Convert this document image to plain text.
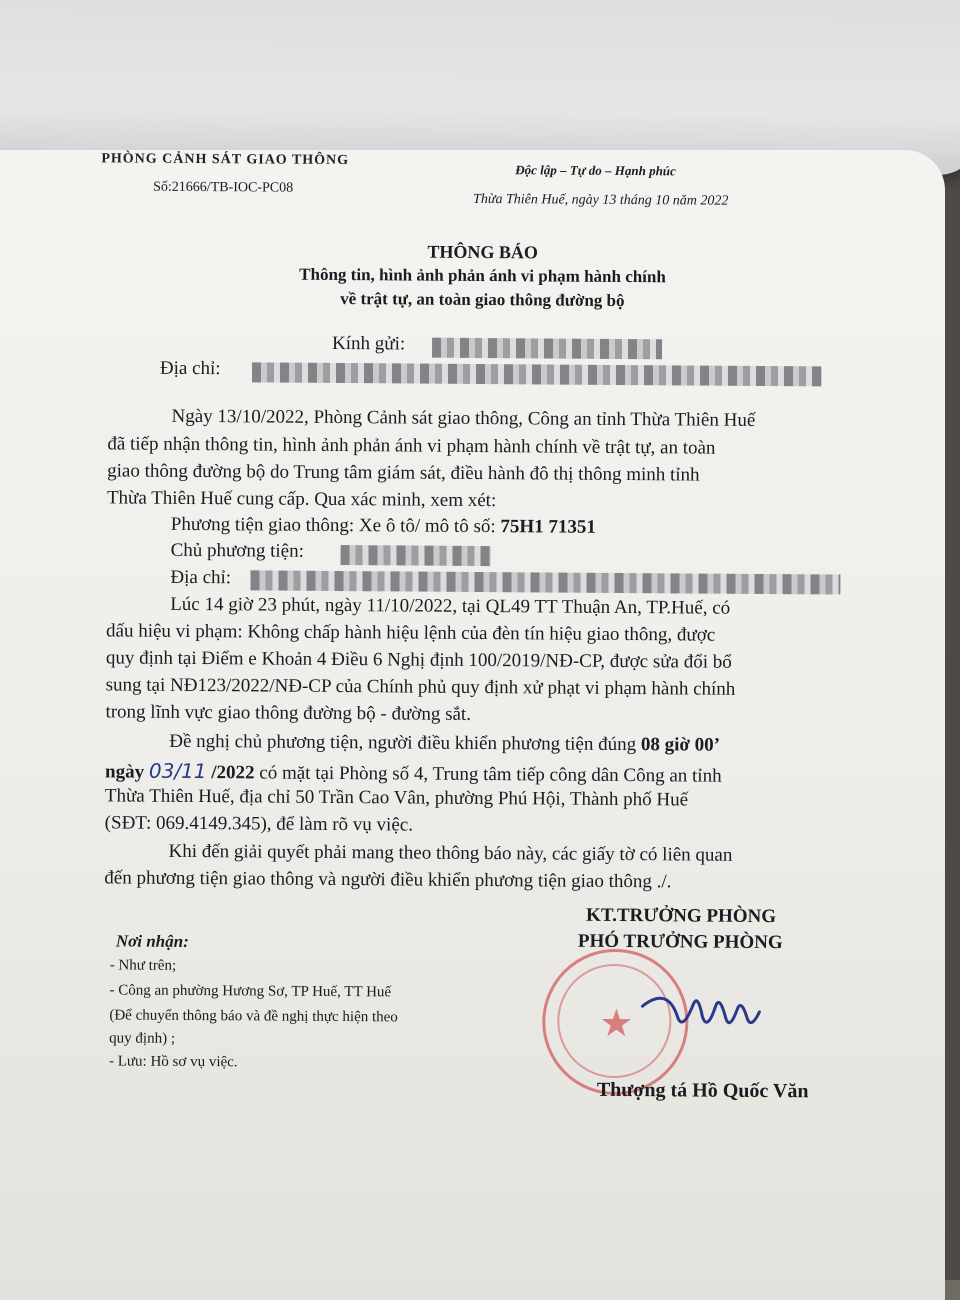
PHÒNG CẢNH SÁT GIAO THÔNG
Độc lập – Tự do – Hạnh phúc
Số:21666/TB-IOC-PC08
Thừa Thiên Huế, ngày 13 tháng 10 năm 2022
THÔNG BÁO
Thông tin, hình ảnh phản ánh vi phạm hành chính
về trật tự, an toàn giao thông đường bộ
Kính gửi:
Địa chỉ:
Ngày 13/10/2022, Phòng Cảnh sát giao thông, Công an tỉnh Thừa Thiên Huế
đã tiếp nhận thông tin, hình ảnh phản ánh vi phạm hành chính về trật tự, an toàn
giao thông đường bộ do Trung tâm giám sát, điều hành đô thị thông minh tỉnh
Thừa Thiên Huế cung cấp. Qua xác minh, xem xét:
Phương tiện giao thông: Xe ô tô/ mô tô số: 75H1 71351
Chủ phương tiện:
Địa chỉ:
Lúc 14 giờ 23 phút, ngày 11/10/2022, tại QL49 TT Thuận An, TP.Huế, có
dấu hiệu vi phạm: Không chấp hành hiệu lệnh của đèn tín hiệu giao thông, được
quy định tại Điểm e Khoản 4 Điều 6 Nghị định 100/2019/NĐ-CP, được sửa đổi bổ
sung tại NĐ123/2022/NĐ-CP của Chính phủ quy định xử phạt vi phạm hành chính
trong lĩnh vực giao thông đường bộ - đường sắt.
Đề nghị chủ phương tiện, người điều khiển phương tiện đúng 08 giờ 00’
ngày 03/11 /2022 có mặt tại Phòng số 4, Trung tâm tiếp công dân Công an tỉnh
Thừa Thiên Huế, địa chỉ 50 Trần Cao Vân, phường Phú Hội, Thành phố Huế
(SĐT: 069.4149.345), để làm rõ vụ việc.
Khi đến giải quyết phải mang theo thông báo này, các giấy tờ có liên quan
đến phương tiện giao thông và người điều khiển phương tiện giao thông ./.
Nơi nhận:
- Như trên;
- Công an phường Hương Sơ, TP Huế, TT Huế
(Để chuyển thông báo và đề nghị thực hiện theo
quy định) ;
- Lưu: Hồ sơ vụ việc.
★
KT.TRƯỞNG PHÒNG
PHÓ TRƯỞNG PHÒNG
Thượng tá Hồ Quốc Văn
